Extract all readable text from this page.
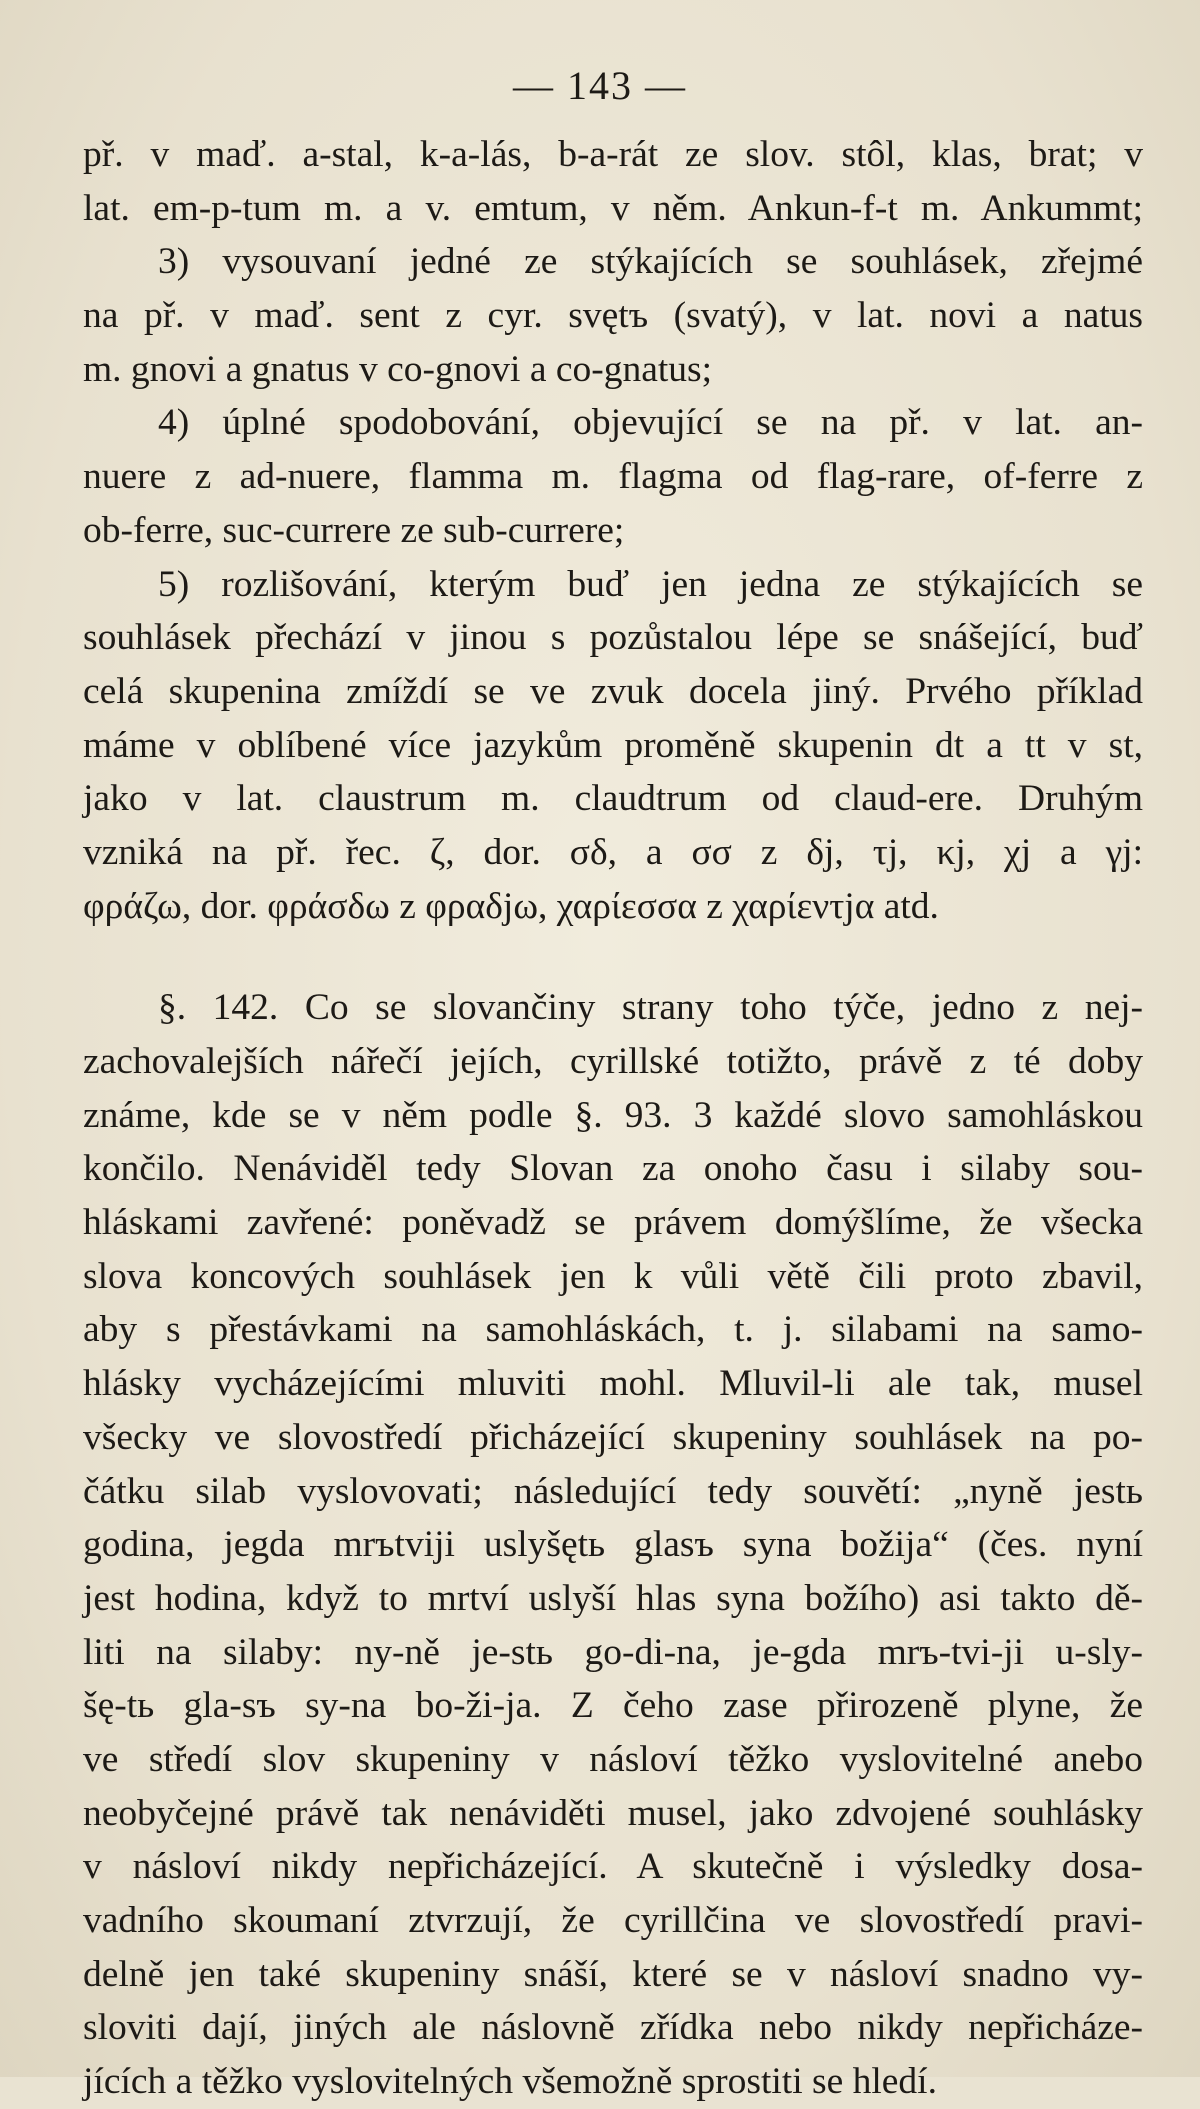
— 143 —
př. v maď. a-stal, k-a-lás, b-a-rát ze slov. stôl, klas, brat; v
lat. em-p-tum m. a v. emtum, v něm. Ankun-f-t m. Ankummt;
3) vysouvaní jedné ze stýkajících se souhlásek, zřejmé
na př. v maď. sent z cyr. svętъ (svatý), v lat. novi a natus
m. gnovi a gnatus v co-gnovi a co-gnatus;
4) úplné spodobování, objevující se na př. v lat. an-
nuere z ad-nuere, flamma m. flagma od flag-rare, of-ferre z
ob-ferre, suc-currere ze sub-currere;
5) rozlišování, kterým buď jen jedna ze stýkajících se
souhlásek přechází v jinou s pozůstalou lépe se snášející, buď
celá skupenina zmíždí se ve zvuk docela jiný. Prvého příklad
máme v oblíbené více jazykům proměně skupenin dt a tt v st,
jako v lat. claustrum m. claudtrum od claud-ere. Druhým
vzniká na př. řec. ζ, dor. σδ, a σσ z δj, τj, κj, χj a γj:
φράζω, dor. φράσδω z φραδjω, χαρίεσσα z χαρίεντjα atd.
§. 142. Co se slovančiny strany toho týče, jedno z nej-
zachovalejších nářečí jejích, cyrillské totižto, právě z té doby
známe, kde se v něm podle §. 93. 3 každé slovo samohláskou
končilo. Nenáviděl tedy Slovan za onoho času i silaby sou-
hláskami zavřené: poněvadž se právem domýšlíme, že všecka
slova koncových souhlásek jen k vůli větě čili proto zbavil,
aby s přestávkami na samohláskách, t. j. silabami na samo-
hlásky vycházejícími mluviti mohl. Mluvil-li ale tak, musel
všecky ve slovostředí přicházející skupeniny souhlásek na po-
čátku silab vyslovovati; následující tedy souvětí: „nyně jestь
godina, jegda mrъtviji uslyšętь glasъ syna božija“ (čes. nyní
jest hodina, když to mrtví uslyší hlas syna božího) asi takto dě-
liti na silaby: ny-ně je-stь go-di-na, je-gda mrъ-tvi-ji u-sly-
šę-tь gla-sъ sy-na bo-ži-ja. Z čeho zase přirozeně plyne, že
ve středí slov skupeniny v násloví těžko vyslovitelné anebo
neobyčejné právě tak nenáviděti musel, jako zdvojené souhlásky
v násloví nikdy nepřicházející. A skutečně i výsledky dosa-
vadního skoumaní ztvrzují, že cyrillčina ve slovostředí pravi-
delně jen také skupeniny snáší, které se v násloví snadno vy-
sloviti dají, jiných ale náslovně zřídka nebo nikdy nepřicháze-
jících a těžko vyslovitelných všemožně sprostiti se hledí.
